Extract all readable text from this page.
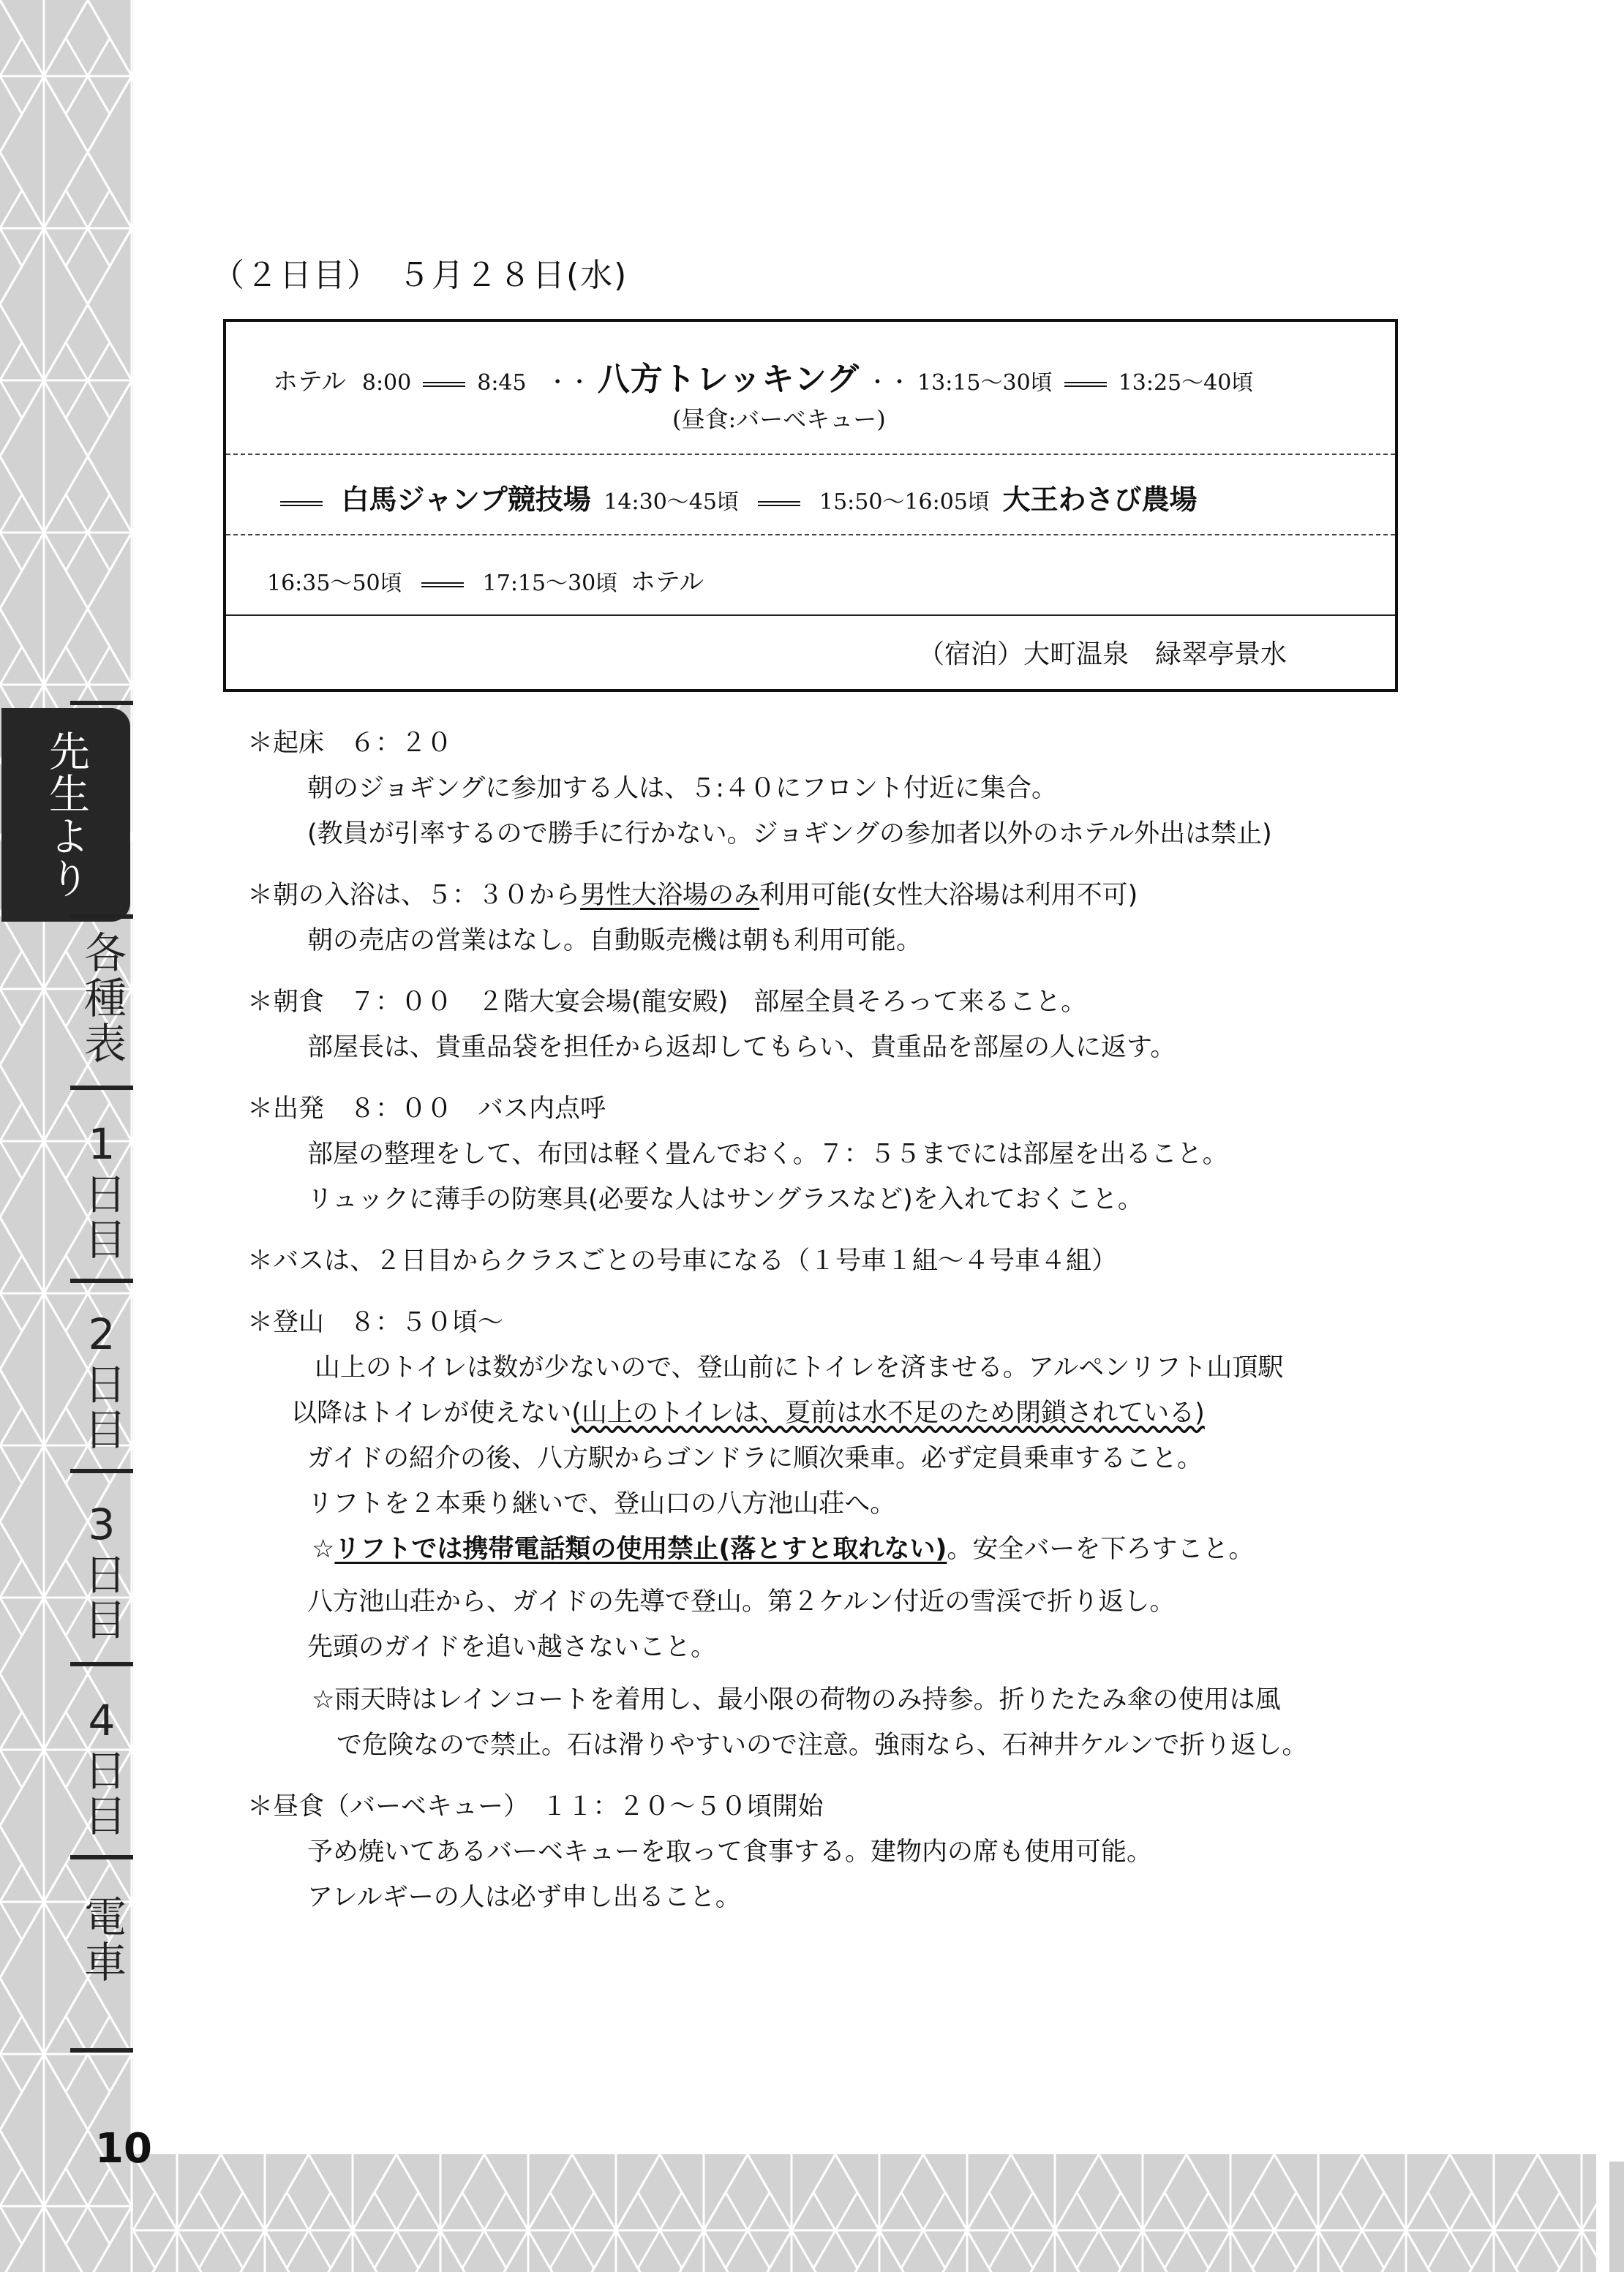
先生より
各種表
1日目
2日目
3日目
4日目
電車
10
（２日目）　５月２８日(水)
ホテル 8:00	8:45 ・・ 八方トレッキング ・・ 13:15〜30頃	13:25〜40頃
(昼食:バーベキュー)
白馬ジャンプ競技場 14:30〜45頃	15:50〜16:05頃 大王わさび農場
16:35〜50頃	17:15〜30頃 ホテル
（宿泊）大町温泉　緑翠亭景水
＊起床　６：２０
朝のジョギングに参加する人は、５:４０にフロント付近に集合。
(教員が引率するので勝手に行かない。ジョギングの参加者以外のホテル外出は禁止)
＊朝の入浴は、５：３０から男性大浴場のみ利用可能(女性大浴場は利用不可)
朝の売店の営業はなし。自動販売機は朝も利用可能。
＊朝食　７：００　２階大宴会場(龍安殿)　部屋全員そろって来ること。
部屋長は、貴重品袋を担任から返却してもらい、貴重品を部屋の人に返す。
＊出発　８：００　バス内点呼
部屋の整理をして、布団は軽く畳んでおく。７：５５までには部屋を出ること。
リュックに薄手の防寒具(必要な人はサングラスなど)を入れておくこと。
＊バスは、２日目からクラスごとの号車になる（１号車１組〜４号車４組）
＊登山　８：５０頃〜
山上のトイレは数が少ないので、登山前にトイレを済ませる。アルペンリフト山頂駅
以降はトイレが使えない(山上のトイレは、夏前は水不足のため閉鎖されている)
ガイドの紹介の後、八方駅からゴンドラに順次乗車。必ず定員乗車すること。
リフトを２本乗り継いで、登山口の八方池山荘へ。
☆リフトでは携帯電話類の使用禁止(落とすと取れない)。安全バーを下ろすこと。
八方池山荘から、ガイドの先導で登山。第２ケルン付近の雪渓で折り返し。
先頭のガイドを追い越さないこと。
☆雨天時はレインコートを着用し、最小限の荷物のみ持参。折りたたみ傘の使用は風
で危険なので禁止。石は滑りやすいので注意。強雨なら、石神井ケルンで折り返し。
＊昼食（バーベキュー）　１１：２０〜５０頃開始
予め焼いてあるバーベキューを取って食事する。建物内の席も使用可能。
アレルギーの人は必ず申し出ること。
